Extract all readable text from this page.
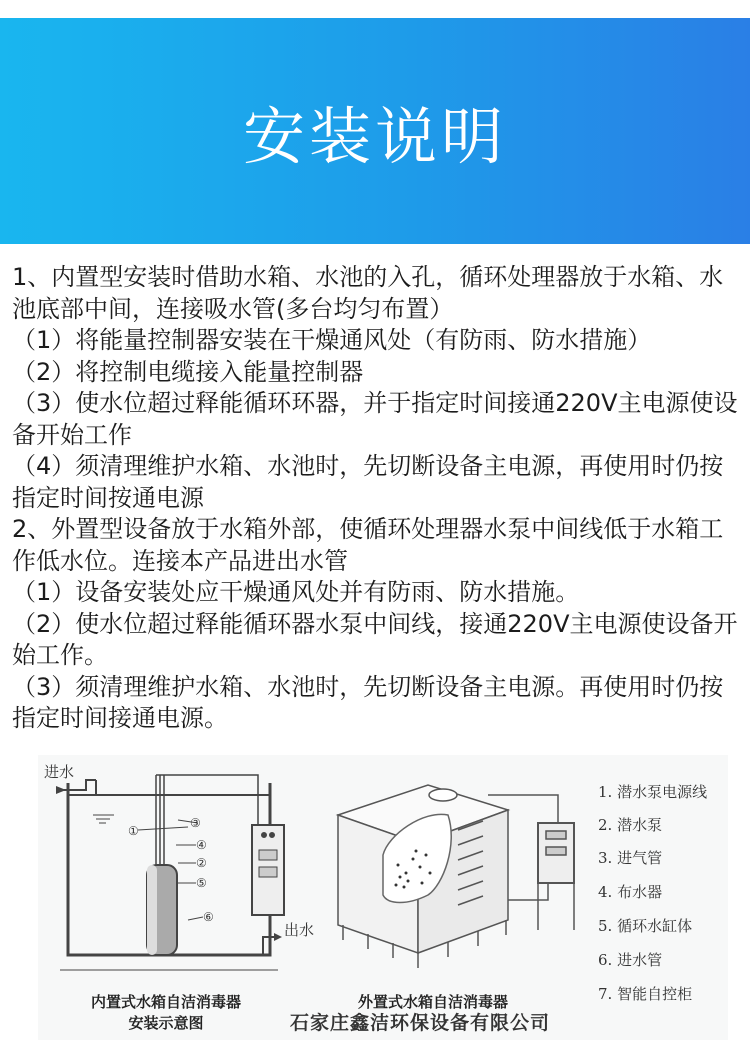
安装说明

1、内置型安装时借助水箱、水池的入孔，循环处理器放于水箱、水池底部中间，连接吸水管(多台均匀布置）

（1）将能量控制器安装在干燥通风处（有防雨、防水措施）

（2）将控制电缆接入能量控制器

（3）使水位超过释能循环环器，并于指定时间接通220V主电源使设备开始工作

（4）须清理维护水箱、水池时，先切断设备主电源，再使用时仍按指定时间按通电源

2、外置型设备放于水箱外部，使循环处理器水泵中间线低于水箱工作低水位。连接本产品进出水管

（1）设备安装处应干燥通风处并有防雨、防水措施。

（2）使水位超过释能循环器水泵中间线，接通220V主电源使设备开始工作。

（3）须清理维护水箱、水池时，先切断设备主电源。再使用时仍按指定时间接通电源。

进水
出水
①
③
④
②
⑤
⑥
内置式水箱自洁消毒器
安装示意图
外置式水箱自洁消毒器
1. 潜水泵电源线
2. 潜水泵
3. 进气管
4. 布水器
5. 循环水缸体
6. 进水管
7. 智能自控柜
石家庄鑫洁环保设备有限公司
